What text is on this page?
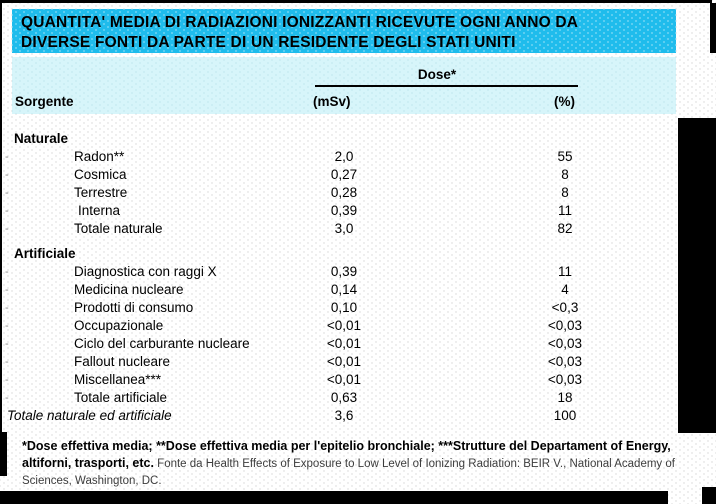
QUANTITA' MEDIA DI RADIAZIONI IONIZZANTI RICEVUTE OGNI ANNO DA
DIVERSE FONTI DA PARTE DI UN RESIDENTE DEGLI STATI UNITI
Sorgente
Dose*
(mSv)	(%)
Naturale
-	Radon**	2,0	55
-	Cosmica	0,27	8
-	Terrestre	0,28	8
-	Interna	0,39	11
-	Totale naturale	3,0	82
Artificiale
-	Diagnostica con raggi X	0,39	11
-	Medicina nucleare	0,14	4
-	Prodotti di consumo	0,10	<0,3
-	Occupazionale	<0,01	<0,03
-	Ciclo del carburante nucleare	<0,01	<0,03
-	Fallout nucleare	<0,01	<0,03
-	Miscellanea***	<0,01	<0,03
-	Totale artificiale	0,63	18
Totale naturale ed artificiale	3,6	100
*Dose effettiva media; **Dose effettiva media per l'epitelio bronchiale; ***Strutture del Departament of Energy, altiforni, trasporti, etc. Fonte da Health Effects of Exposure to Low Level of Ionizing Radiation: BEIR V., National Academy of Sciences, Washington, DC.
